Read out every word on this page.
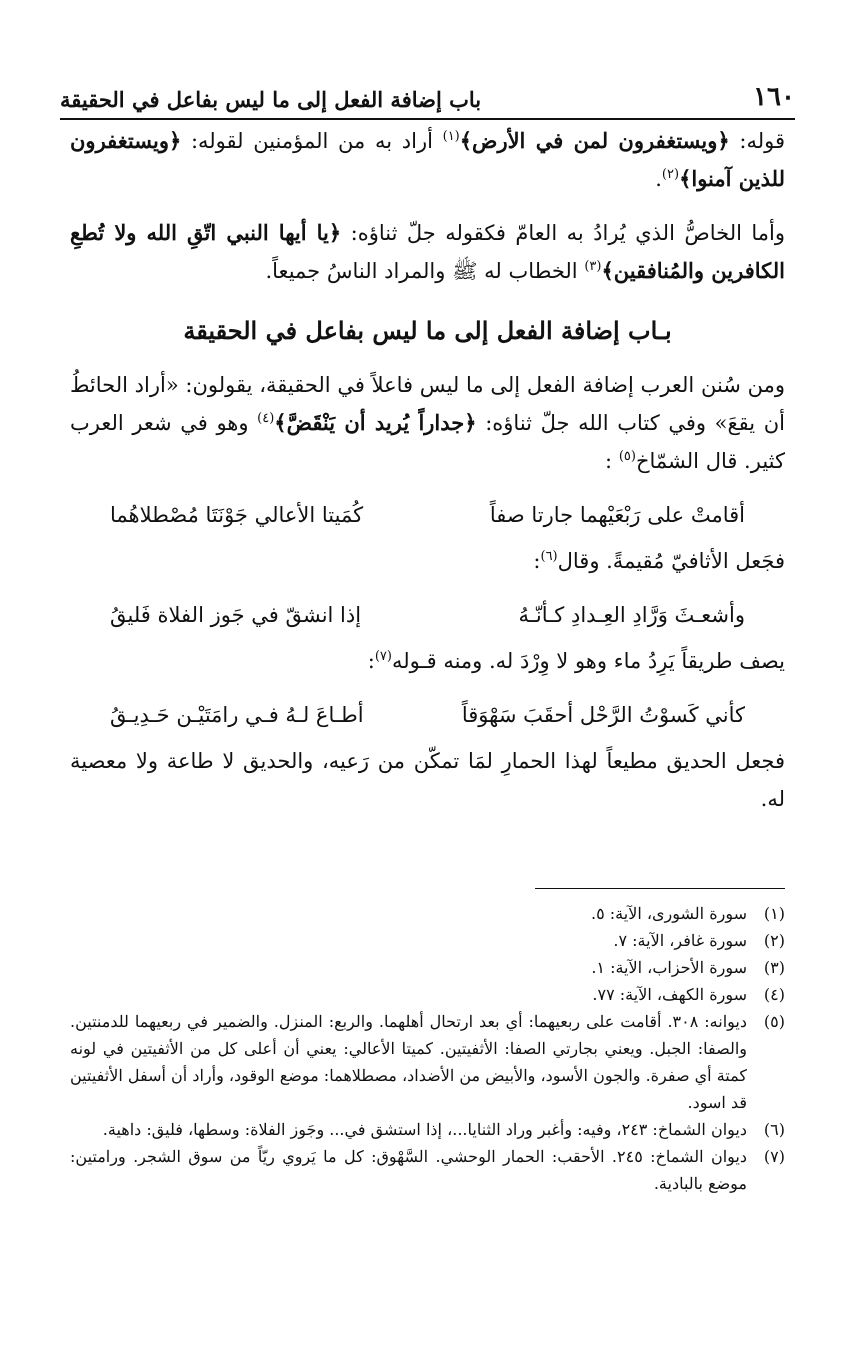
١٦٠
باب إضافة الفعل إلى ما ليس بفاعل في الحقيقة

قوله: ﴿ويستغفرون لمن في الأرض﴾$^{(١)}$ أراد به من المؤمنين لقوله: ﴿ويستغفرون للذين آمنوا﴾$^{(٢)}$.

وأما الخاصُّ الذي يُرادُ به العامّ فكقوله جلّ ثناؤه: ﴿يا أيها النبي اتّقِ الله ولا تُطعِ الكافرين والمُنافقين﴾$^{(٣)}$ الخطاب له ﷺ والمراد الناسُ جميعاً.

بـاب إضافة الفعل إلى ما ليس بفاعل في الحقيقة

ومن سُنن العرب إضافة الفعل إلى ما ليس فاعلاً في الحقيقة، يقولون: «أراد الحائطُ أن يقعَ» وفي كتاب الله جلّ ثناؤه: ﴿جداراً يُريد أن يَنْقَضَّ﴾$^{(٤)}$ وهو في شعر العرب كثير. قال الشمّاخ$^{(٥)}$ :

أقامتْ على رَبْعَيْهما جارتا صفاً
كُمَيتا الأعالي جَوْنَتَا مُصْطلاهُما

فجَعل الأثافيّ مُقيمةً. وقال$^{(٦)}$:

وأشعـثَ وَرَّادِ العِـدادِ كـأنّـهُ
إذا انشقّ في جَوز الفلاة فَليقُ

يصف طريقاً يَرِدُ ماء وهو لا وِرْدَ له. ومنه قـوله$^{(٧)}$:

كأني كَسوْتُ الرَّحْل أحقَبَ سَهْوَقاً
أطـاعَ لـهُ فـي رامَتَيْـن حَـدِيـقُ

فجعل الحديق مطيعاً لهذا الحمارِ لمَا تمكّن من رَعيه، والحديق لا طاعة ولا معصية له.

(١)
سورة الشورى، الآية: ٥.
(٢)
سورة غافر، الآية: ٧.
(٣)
سورة الأحزاب، الآية: ١.
(٤)
سورة الكهف، الآية: ٧٧.
(٥)
ديوانه: ٣٠٨. أقامت على ربعيهما: أي بعد ارتحال أهلهما. والربع: المنزل. والضمير في ربعيهما للدمنتين. والصفا: الجبل. ويعني بجارتي الصفا: الأثفيتين. كميتا الأعالي: يعني أن أعلى كل من الأثفيتين في لونه كمتة أي صفرة. والجون الأسود، والأبيض من الأضداد، مصطلاهما: موضع الوقود، وأراد أن أسفل الأثفيتين قد اسود.
(٦)
ديوان الشماخ: ٢٤٣، وفيه: وأغبر وراد الثنايا...، إذا استشق في... وجَوز الفلاة: وسطها، فليق: داهية.
(٧)
ديوان الشماخ: ٢٤٥. الأحقب: الحمار الوحشي. السَّهْوق: كل ما يَروي ريّاً من سوق الشجر. ورامتين: موضع بالبادية.
